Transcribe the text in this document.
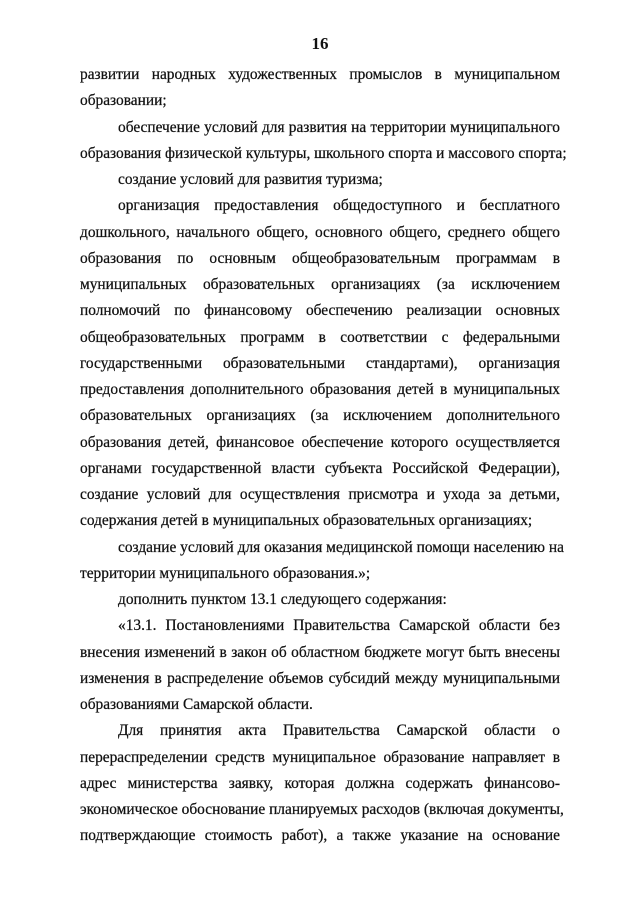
16
развитии народных художественных промыслов в муниципальном
образовании;
обеспечение условий для развития на территории муниципального
образования физической культуры, школьного спорта и массового спорта;
создание условий для развития туризма;
организация предоставления общедоступного и бесплатного
дошкольного, начального общего, основного общего, среднего общего
образования по основным общеобразовательным программам в
муниципальных образовательных организациях (за исключением
полномочий по финансовому обеспечению реализации основных
общеобразовательных программ в соответствии с федеральными
государственными образовательными стандартами), организация
предоставления дополнительного образования детей в муниципальных
образовательных организациях (за исключением дополнительного
образования детей, финансовое обеспечение которого осуществляется
органами государственной власти субъекта Российской Федерации),
создание условий для осуществления присмотра и ухода за детьми,
содержания детей в муниципальных образовательных организациях;
создание условий для оказания медицинской помощи населению на
территории муниципального образования.»;
дополнить пунктом 13.1 следующего содержания:
«13.1. Постановлениями Правительства Самарской области без
внесения изменений в закон об областном бюджете могут быть внесены
изменения в распределение объемов субсидий между муниципальными
образованиями Самарской области.
Для принятия акта Правительства Самарской области о
перераспределении средств муниципальное образование направляет в
адрес министерства заявку, которая должна содержать финансово-
экономическое обоснование планируемых расходов (включая документы,
подтверждающие стоимость работ), а также указание на основание
